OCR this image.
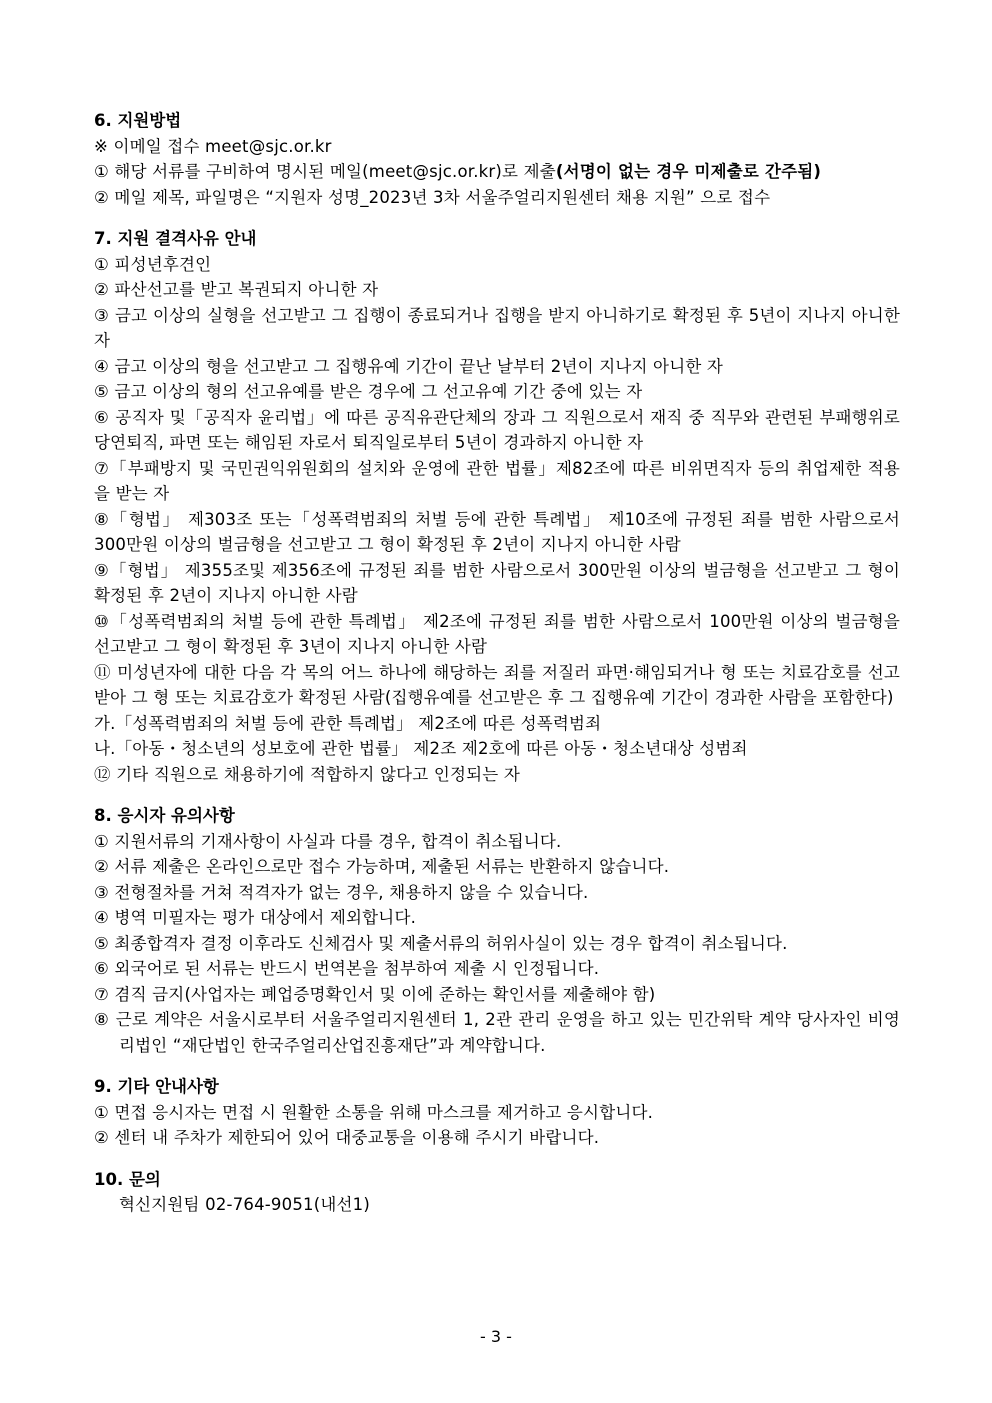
6. 지원방법
※ 이메일 접수 meet@sjc.or.kr
① 해당 서류를 구비하여 명시된 메일(meet@sjc.or.kr)로 제출(서명이 없는 경우 미제출로 간주됨)
② 메일 제목, 파일명은 “지원자 성명_2023년 3차 서울주얼리지원센터 채용 지원” 으로 접수
7. 지원 결격사유 안내
① 피성년후견인
② 파산선고를 받고 복권되지 아니한 자
③ 금고 이상의 실형을 선고받고 그 집행이 종료되거나 집행을 받지 아니하기로 확정된 후 5년이 지나지 아니한 자
④ 금고 이상의 형을 선고받고 그 집행유예 기간이 끝난 날부터 2년이 지나지 아니한 자
⑤ 금고 이상의 형의 선고유예를 받은 경우에 그 선고유예 기간 중에 있는 자
⑥ 공직자 및「공직자 윤리법」에 따른 공직유관단체의 장과 그 직원으로서 재직 중 직무와 관련된 부패행위로 당연퇴직, 파면 또는 해임된 자로서 퇴직일로부터 5년이 경과하지 아니한 자
⑦「부패방지 및 국민권익위원회의 설치와 운영에 관한 법률」제82조에 따른 비위면직자 등의 취업제한 적용을 받는 자
⑧「형법」 제303조 또는「성폭력범죄의 처벌 등에 관한 특례법」 제10조에 규정된 죄를 범한 사람으로서 300만원 이상의 벌금형을 선고받고 그 형이 확정된 후 2년이 지나지 아니한 사람
⑨「형법」 제355조및 제356조에 규정된 죄를 범한 사람으로서 300만원 이상의 벌금형을 선고받고 그 형이 확정된 후 2년이 지나지 아니한 사람
⑩「성폭력범죄의 처벌 등에 관한 특례법」 제2조에 규정된 죄를 범한 사람으로서 100만원 이상의 벌금형을 선고받고 그 형이 확정된 후 3년이 지나지 아니한 사람
⑪ 미성년자에 대한 다음 각 목의 어느 하나에 해당하는 죄를 저질러 파면·해임되거나 형 또는 치료감호를 선고받아 그 형 또는 치료감호가 확정된 사람(집행유예를 선고받은 후 그 집행유예 기간이 경과한 사람을 포함한다)
가.「성폭력범죄의 처벌 등에 관한 특례법」 제2조에 따른 성폭력범죄
나.「아동・청소년의 성보호에 관한 법률」 제2조 제2호에 따른 아동・청소년대상 성범죄
⑫ 기타 직원으로 채용하기에 적합하지 않다고 인정되는 자
8. 응시자 유의사항
① 지원서류의 기재사항이 사실과 다를 경우, 합격이 취소됩니다.
② 서류 제출은 온라인으로만 접수 가능하며, 제출된 서류는 반환하지 않습니다.
③ 전형절차를 거쳐 적격자가 없는 경우, 채용하지 않을 수 있습니다.
④ 병역 미필자는 평가 대상에서 제외합니다.
⑤ 최종합격자 결정 이후라도 신체검사 및 제출서류의 허위사실이 있는 경우 합격이 취소됩니다.
⑥ 외국어로 된 서류는 반드시 번역본을 첨부하여 제출 시 인정됩니다.
⑦ 겸직 금지(사업자는 폐업증명확인서 및 이에 준하는 확인서를 제출해야 함)
⑧ 근로 계약은 서울시로부터 서울주얼리지원센터 1, 2관 관리 운영을 하고 있는 민간위탁 계약 당사자인 비영리법인 “재단법인 한국주얼리산업진흥재단”과 계약합니다.
9. 기타 안내사항
① 면접 응시자는 면접 시 원활한 소통을 위해 마스크를 제거하고 응시합니다.
② 센터 내 주차가 제한되어 있어 대중교통을 이용해 주시기 바랍니다.
10. 문의
혁신지원팀 02-764-9051(내선1)
- 3 -
